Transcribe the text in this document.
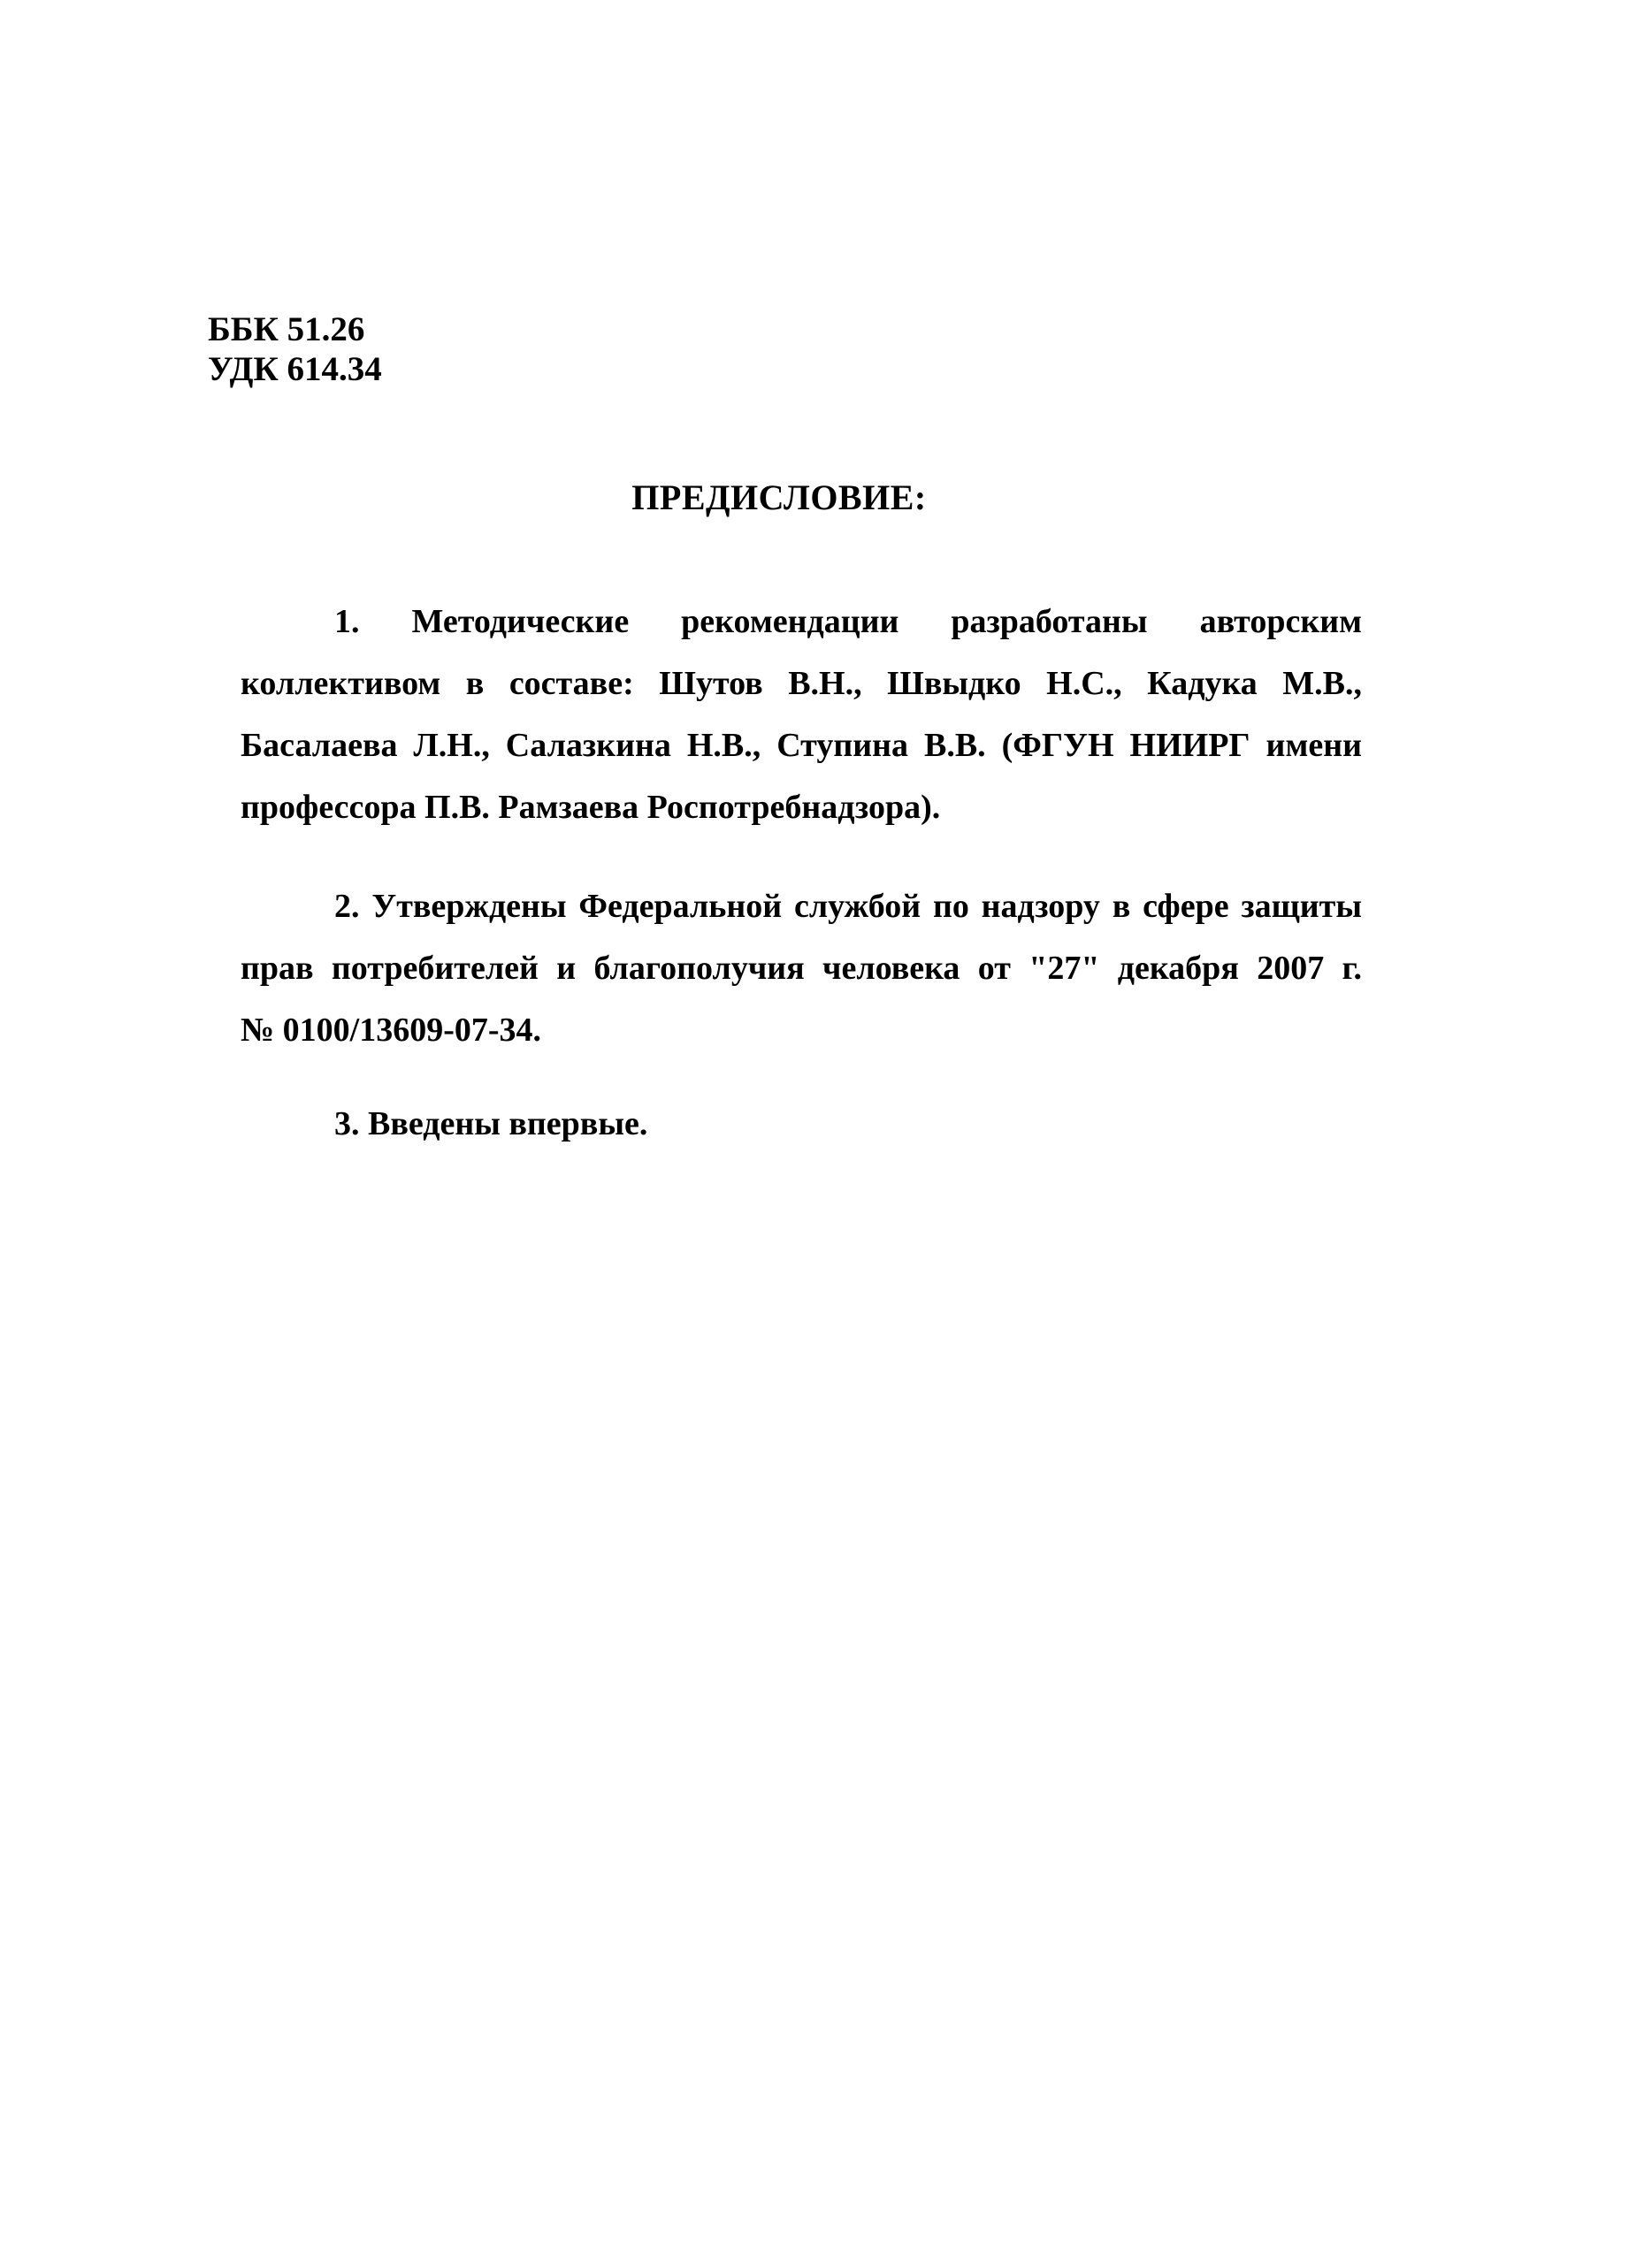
ББК 51.26
УДК 614.34
ПРЕДИСЛОВИЕ:
1. Методические рекомендации разработаны авторским
коллективом в составе: Шутов В.Н., Швыдко Н.С., Кадука М.В.,
Басалаева Л.Н., Салазкина Н.В., Ступина В.В. (ФГУН НИИРГ имени
профессора П.В. Рамзаева Роспотребнадзора).
2. Утверждены Федеральной службой по надзору в сфере защиты
прав потребителей и благополучия человека от "27" декабря 2007 г.
№ 0100/13609-07-34.
3. Введены впервые.
